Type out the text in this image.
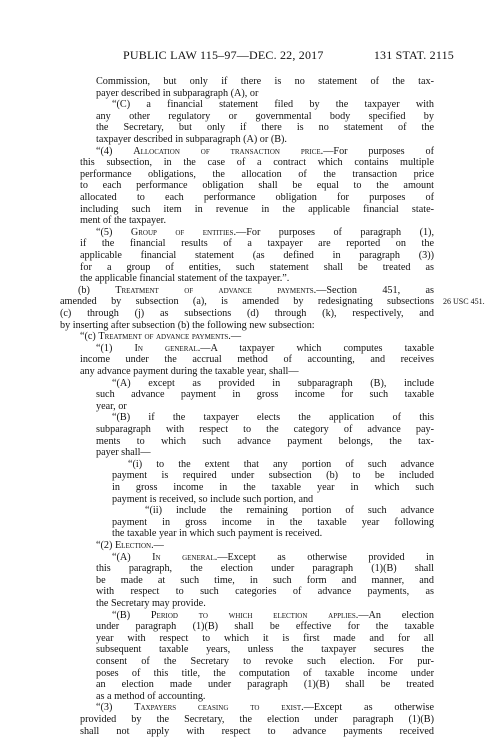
PUBLIC LAW 115–97—DEC. 22, 2017	131 STAT. 2115
Commission, but only if there is no statement of the tax-
payer described in subparagraph (A), or
“(C) a financial statement filed by the taxpayer with
any other regulatory or governmental body specified by
the Secretary, but only if there is no statement of the
taxpayer described in subparagraph (A) or (B).
“(4) Allocation of transaction price.—For purposes of
this subsection, in the case of a contract which contains multiple
performance obligations, the allocation of the transaction price
to each performance obligation shall be equal to the amount
allocated to each performance obligation for purposes of
including such item in revenue in the applicable financial state-
ment of the taxpayer.
“(5) Group of entities.—For purposes of paragraph (1),
if the financial results of a taxpayer are reported on the
applicable financial statement (as defined in paragraph (3))
for a group of entities, such statement shall be treated as
the applicable financial statement of the taxpayer.”.
(b) Treatment of advance payments.—Section 451, as
amended by subsection (a), is amended by redesignating subsections
(c) through (j) as subsections (d) through (k), respectively, and
by inserting after subsection (b) the following new subsection:
“(c) Treatment of advance payments.—
“(1) In general.—A taxpayer which computes taxable
income under the accrual method of accounting, and receives
any advance payment during the taxable year, shall—
“(A) except as provided in subparagraph (B), include
such advance payment in gross income for such taxable
year, or
“(B) if the taxpayer elects the application of this
subparagraph with respect to the category of advance pay-
ments to which such advance payment belongs, the tax-
payer shall—
“(i) to the extent that any portion of such advance
payment is required under subsection (b) to be included
in gross income in the taxable year in which such
payment is received, so include such portion, and
“(ii) include the remaining portion of such advance
payment in gross income in the taxable year following
the taxable year in which such payment is received.
“(2) Election.—
“(A) In general.—Except as otherwise provided in
this paragraph, the election under paragraph (1)(B) shall
be made at such time, in such form and manner, and
with respect to such categories of advance payments, as
the Secretary may provide.
“(B) Period to which election applies.—An election
under paragraph (1)(B) shall be effective for the taxable
year with respect to which it is first made and for all
subsequent taxable years, unless the taxpayer secures the
consent of the Secretary to revoke such election. For pur-
poses of this title, the computation of taxable income under
an election made under paragraph (1)(B) shall be treated
as a method of accounting.
“(3) Taxpayers ceasing to exist.—Except as otherwise
provided by the Secretary, the election under paragraph (1)(B)
shall not apply with respect to advance payments received
26 USC 451.
